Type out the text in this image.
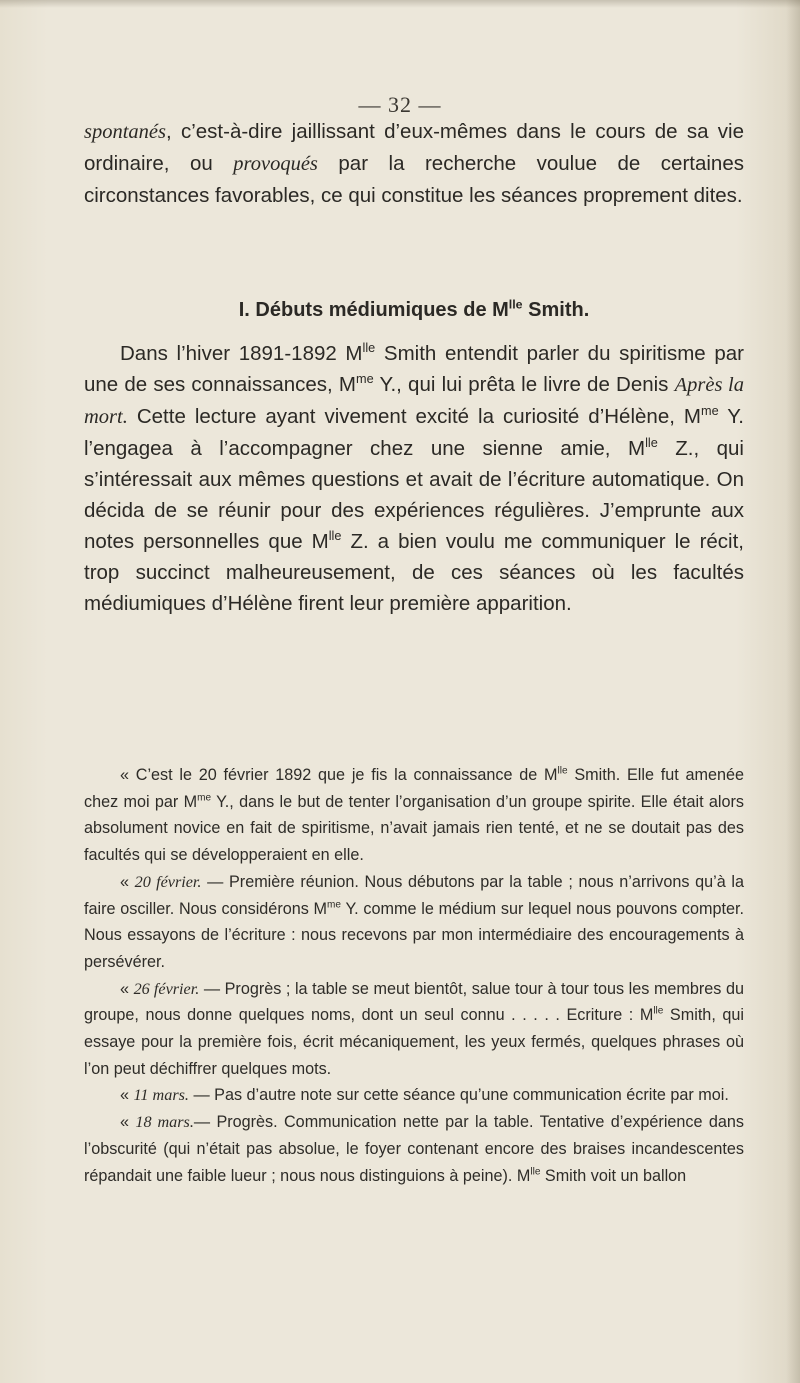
— 32 —
spontanés, c’est-à-dire jaillissant d’eux-mêmes dans le cours de sa vie ordinaire, ou provoqués par la recherche voulue de certaines circonstances favorables, ce qui constitue les séances proprement dites.
I. Débuts médiumiques de $M^{lle}$ Smith.
Dans l’hiver 1891-1892 $M^{lle}$ Smith entendit parler du spiritisme par une de ses connaissances, $M^{me}$ Y., qui lui prêta le livre de Denis Après la mort. Cette lecture ayant vivement excité la curiosité d’Hélène, $M^{me}$ Y. l’engagea à l’accompagner chez une sienne amie, $M^{lle}$ Z., qui s’intéressait aux mêmes questions et avait de l’écriture automatique. On décida de se réunir pour des expériences régulières. J’emprunte aux notes personnelles que $M^{lle}$ Z. a bien voulu me communiquer le récit, trop succinct malheureusement, de ces séances où les facultés médiumiques d’Hélène firent leur première apparition.

« C’est le 20 février 1892 que je fis la connaissance de $M^{lle}$ Smith. Elle fut amenée chez moi par $M^{me}$ Y., dans le but de tenter l’organisation d’un groupe spirite. Elle était alors absolument novice en fait de spiritisme, n’avait jamais rien tenté, et ne se doutait pas des facultés qui se développeraient en elle.

« 20 février. — Première réunion. Nous débutons par la table ; nous n’arrivons qu’à la faire osciller. Nous considérons $M^{me}$ Y. comme le médium sur lequel nous pouvons compter. Nous essayons de l’écriture : nous recevons par mon intermédiaire des encouragements à persévérer.

« 26 février. — Progrès ; la table se meut bientôt, salue tour à tour tous les membres du groupe, nous donne quelques noms, dont un seul connu . . . . . Ecriture : $M^{lle}$ Smith, qui essaye pour la première fois, écrit mécaniquement, les yeux fermés, quelques phrases où l’on peut déchiffrer quelques mots.

« 11 mars. — Pas d’autre note sur cette séance qu’une communication écrite par moi.

« 18 mars.— Progrès. Communication nette par la table. Tentative d’expérience dans l’obscurité (qui n’était pas absolue, le foyer contenant encore des braises incandescentes répandait une faible lueur ; nous nous distinguions à peine). $M^{lle}$ Smith voit un ballon
